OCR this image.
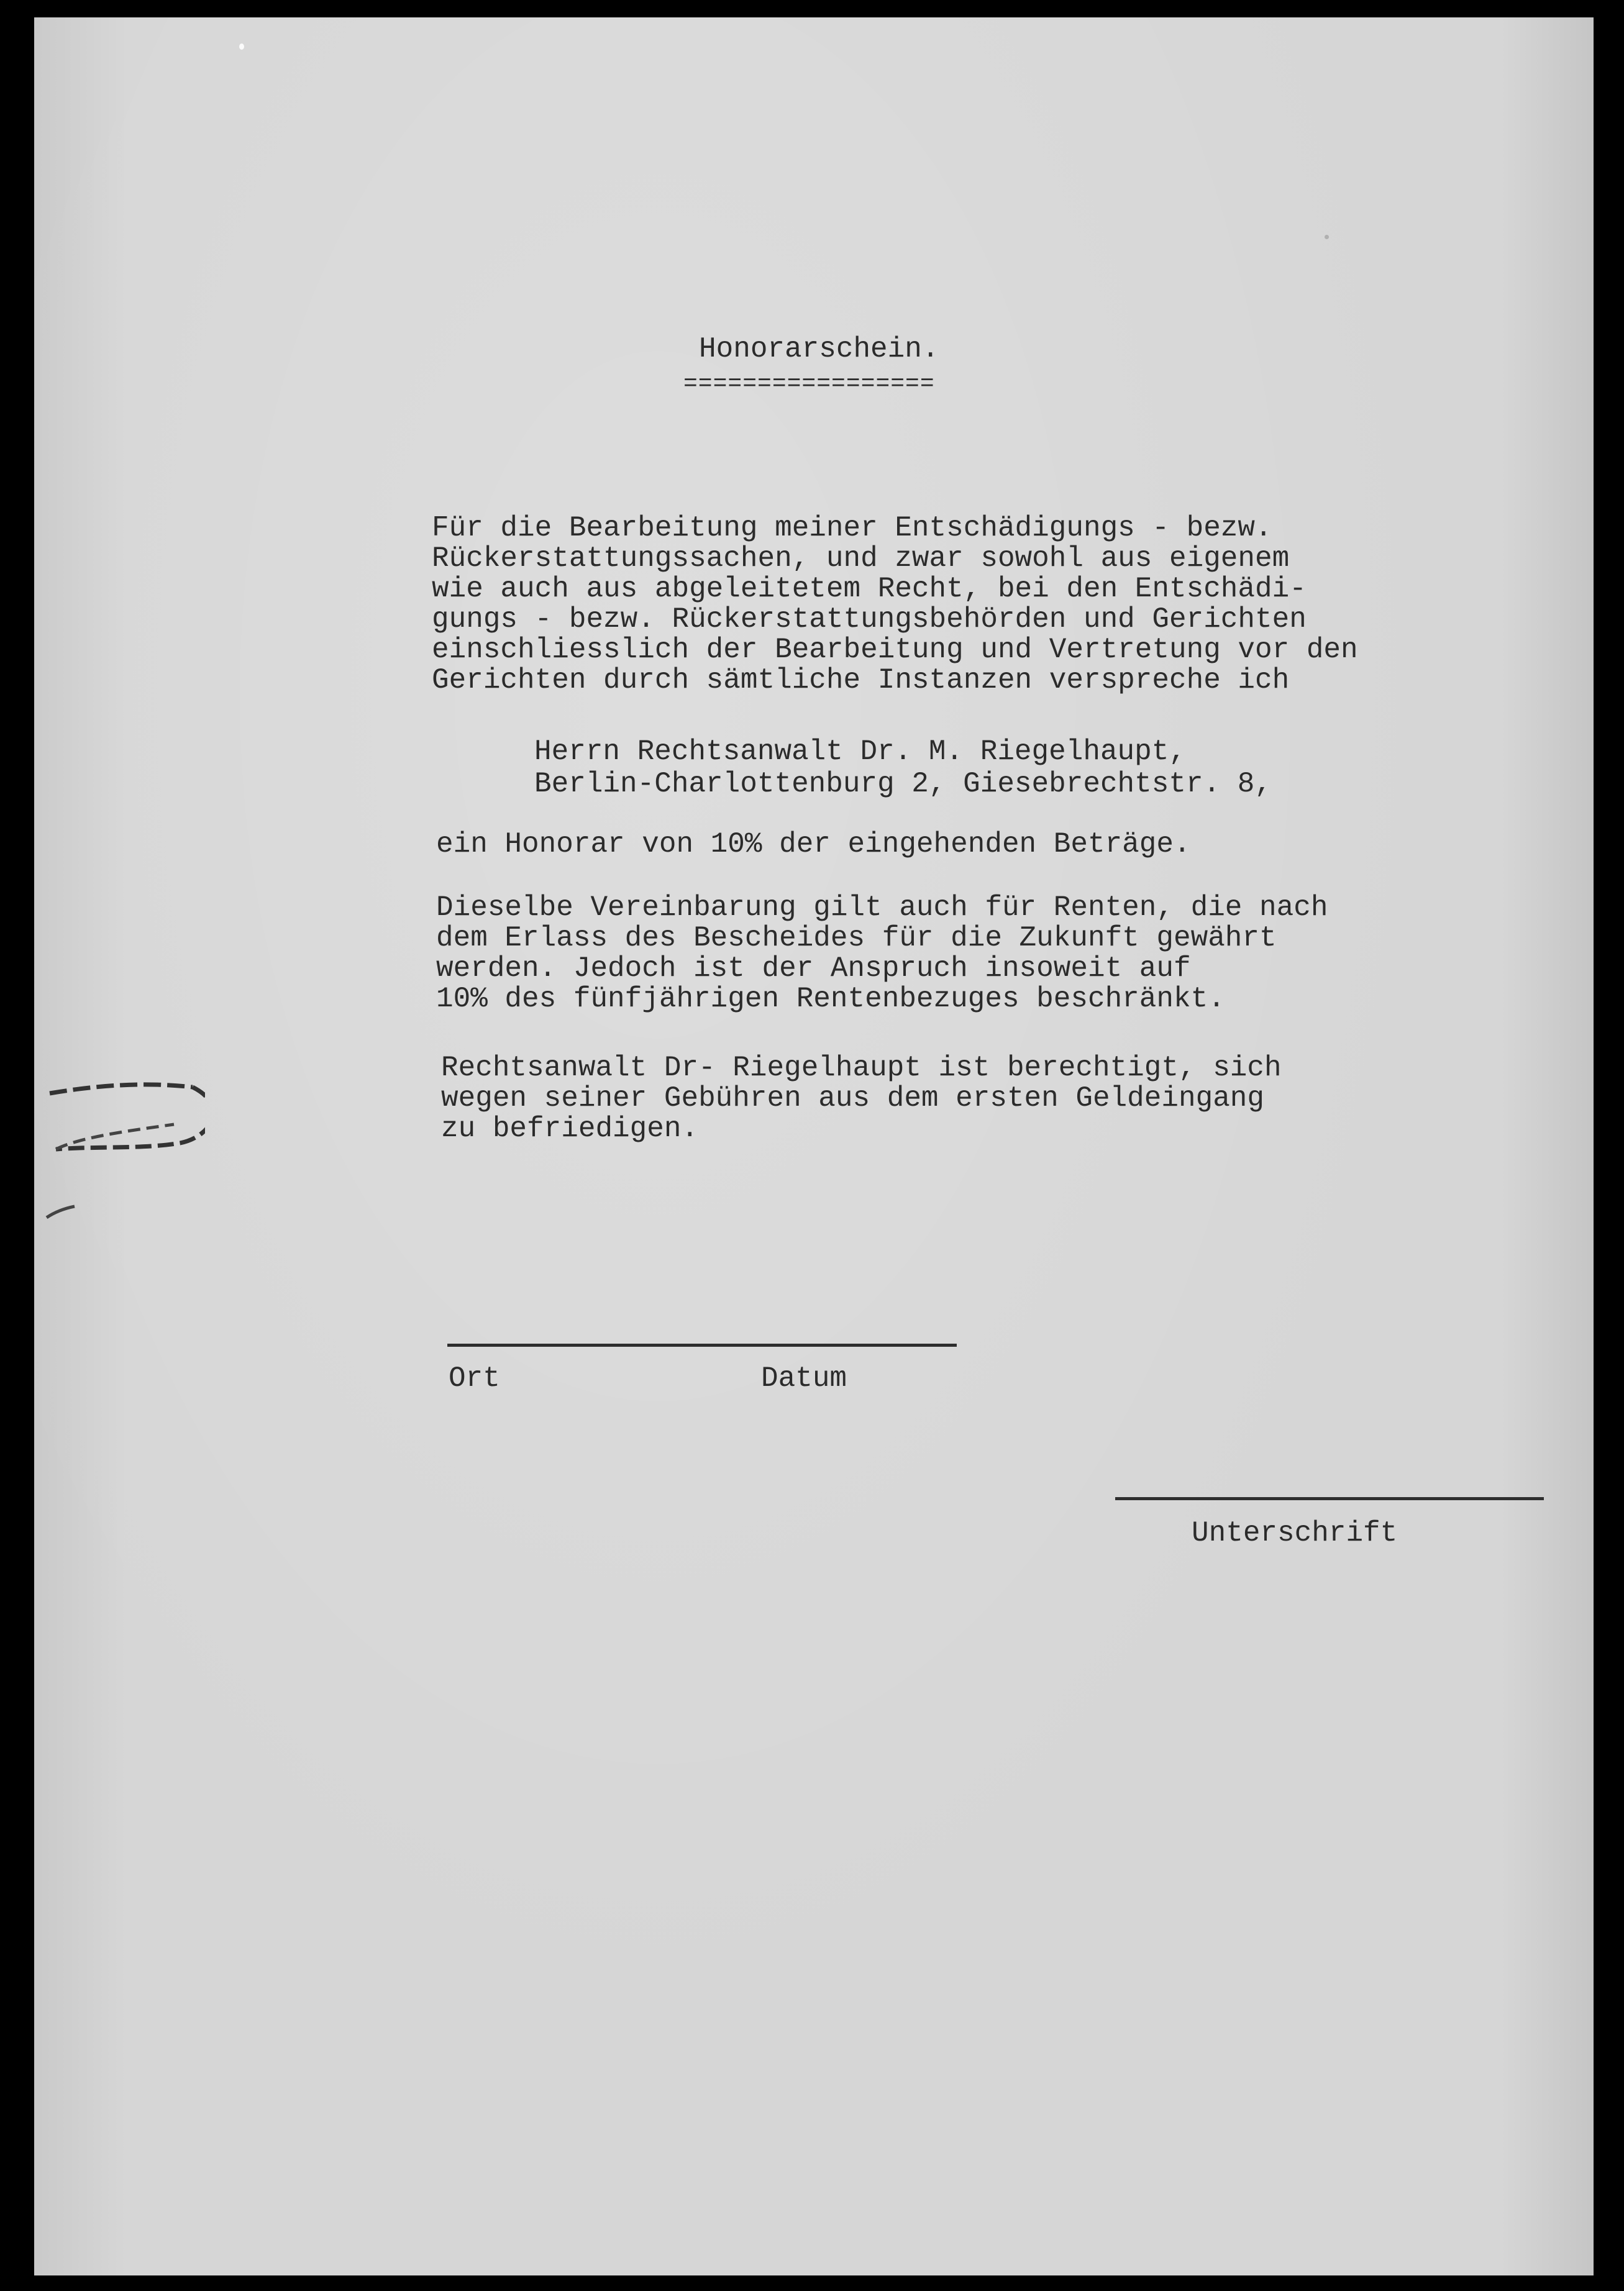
Honorarschein.
=================
Für die Bearbeitung meiner Entschädigungs - bezw.
Rückerstattungssachen, und zwar sowohl aus eigenem
wie auch aus abgeleitetem Recht, bei den Entschädi-
gungs - bezw. Rückerstattungsbehörden und Gerichten
einschliesslich der Bearbeitung und Vertretung vor den
Gerichten durch sämtliche Instanzen verspreche ich
Herrn Rechtsanwalt Dr. M. Riegelhaupt,
Berlin-Charlottenburg 2, Giesebrechtstr. 8,
ein Honorar von 10% der eingehenden Beträge.
Dieselbe Vereinbarung gilt auch für Renten, die nach
dem Erlass des Bescheides für die Zukunft gewährt
werden. Jedoch ist der Anspruch insoweit auf
10% des fünfjährigen Rentenbezuges beschränkt.
Rechtsanwalt Dr- Riegelhaupt ist berechtigt, sich
wegen seiner Gebühren aus dem ersten Geldeingang
zu befriedigen.
Ort	Datum
Unterschrift
